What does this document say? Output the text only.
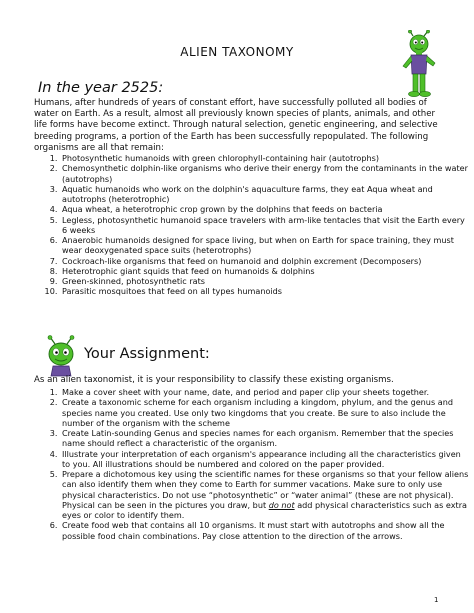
ALIEN TAXONOMY
In the year 2525:

Humans, after hundreds of years of constant effort, have successfully polluted all bodies of water on Earth. As a result, almost all previously known species of plants, animals, and other life forms have become extinct. Through natural selection, genetic engineering, and selective breeding programs, a portion of the Earth has been successfully repopulated. The following organisms are all that remain:

1. Photosynthetic humanoids with green chlorophyll-containing hair (autotrophs)
2. Chemosynthetic dolphin-like organisms who derive their energy from the contaminants in the water (autotrophs)
3. Aquatic humanoids who work on the dolphin's aquaculture farms, they eat Aqua wheat and autotrophs (heterotrophic)
4. Aqua wheat, a heterotrophic crop grown by the dolphins that feeds on bacteria
5. Legless, photosynthetic humanoid space travelers with arm-like tentacles that visit the Earth every 6 weeks
6. Anaerobic humanoids designed for space living, but when on Earth for space training, they must wear deoxygenated space suits (heterotrophs)
7. Cockroach-like organisms that feed on humanoid and dolphin excrement (Decomposers)
8. Heterotrophic giant squids that feed on humanoids & dolphins
9. Green-skinned, photosynthetic rats
10. Parasitic mosquitoes that feed on all types humanoids
Your Assignment:

As an alien taxonomist, it is your responsibility to classify these existing organisms.

1. Make a cover sheet with your name, date, and period and paper clip your sheets together.
2. Create a taxonomic scheme for each organism including a kingdom, phylum, and the genus and species name you created. Use only two kingdoms that you create. Be sure to also include the number of the organism with the scheme
3. Create Latin-sounding Genus and species names for each organism. Remember that the species name should reflect a characteristic of the organism.
4. Illustrate your interpretation of each organism's appearance including all the characteristics given to you. All illustrations should be numbered and colored on the paper provided.
5. Prepare a dichotomous key using the scientific names for these organisms so that your fellow aliens can also identify them when they come to Earth for summer vacations. Make sure to only use physical characteristics. Do not use “photosynthetic” or “water animal” (these are not physical). Physical can be seen in the pictures you draw, but do not add physical characteristics such as extra eyes or color to identify them.
6. Create food web that contains all 10 organisms. It must start with autotrophs and show all the possible food chain combinations. Pay close attention to the direction of the arrows.
1
